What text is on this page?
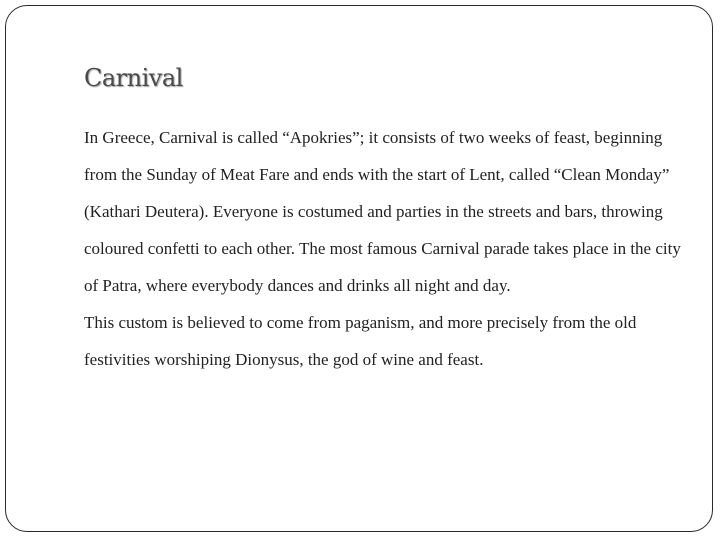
Carnival

In Greece, Carnival is called “Apokries”; it consists of two weeks of feast, beginning from the Sunday of Meat Fare and ends with the start of Lent, called “Clean Monday” (Kathari Deutera). Everyone is costumed and parties in the streets and bars, throwing coloured confetti to each other. The most famous Carnival parade takes place in the city of Patra, where everybody dances and drinks all night and day.

This custom is believed to come from paganism, and more precisely from the old festivities worshiping Dionysus, the god of wine and feast.
